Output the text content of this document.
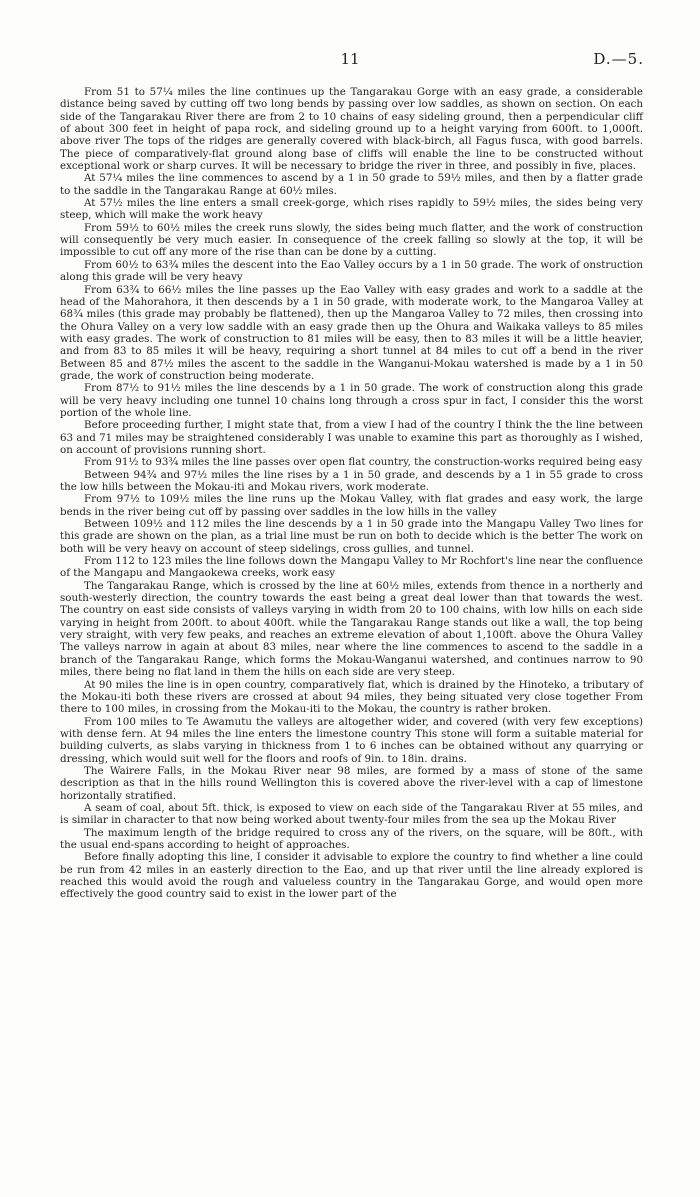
11	D.—5.

From 51 to 57¼ miles the line continues up the Tangarakau Gorge with an easy grade, a considerable distance being saved by cutting off two long bends by passing over low saddles, as shown on section. On each side of the Tangarakau River there are from 2 to 10 chains of easy sideling ground, then a perpendicular cliff of about 300 feet in height of papa rock, and sideling ground up to a height varying from 600ft. to 1,000ft. above river The tops of the ridges are generally covered with black-birch, all Fagus fusca, with good barrels. The piece of comparatively-flat ground along base of cliffs will enable the line to be constructed without exceptional work or sharp curves. It will be necessary to bridge the river in three, and possibly in five, places.

At 57¼ miles the line commences to ascend by a 1 in 50 grade to 59½ miles, and then by a flatter grade to the saddle in the Tangarakau Range at 60½ miles.

At 57½ miles the line enters a small creek-gorge, which rises rapidly to 59½ miles, the sides being very steep, which will make the work heavy

From 59½ to 60½ miles the creek runs slowly, the sides being much flatter, and the work of construction will consequently be very much easier. In consequence of the creek falling so slowly at the top, it will be impossible to cut off any more of the rise than can be done by a cutting.

From 60½ to 63¾ miles the descent into the Eao Valley occurs by a 1 in 50 grade. The work of onstruction along this grade will be very heavy

From 63¾ to 66½ miles the line passes up the Eao Valley with easy grades and work to a saddle at the head of the Mahorahora, it then descends by a 1 in 50 grade, with moderate work, to the Mangaroa Valley at 68¾ miles (this grade may probably be flattened), then up the Mangaroa Valley to 72 miles, then crossing into the Ohura Valley on a very low saddle with an easy grade then up the Ohura and Waikaka valleys to 85 miles with easy grades. The work of construction to 81 miles will be easy, then to 83 miles it will be a little heavier, and from 83 to 85 miles it will be heavy, requiring a short tunnel at 84 miles to cut off a bend in the river Between 85 and 87½ miles the ascent to the saddle in the Wanganui-Mokau watershed is made by a 1 in 50 grade, the work of construction being moderate.

From 87½ to 91½ miles the line descends by a 1 in 50 grade. The work of construction along this grade will be very heavy including one tunnel 10 chains long through a cross spur in fact, I consider this the worst portion of the whole line.

Before proceeding further, I might state that, from a view I had of the country I think the the line between 63 and 71 miles may be straightened considerably I was unable to examine this part as thoroughly as I wished, on account of provisions running short.

From 91½ to 93¾ miles the line passes over open flat country, the construction-works required being easy

Between 94¾ and 97½ miles the line rises by a 1 in 50 grade, and descends by a 1 in 55 grade to cross the low hills between the Mokau-iti and Mokau rivers, work moderate.

From 97½ to 109½ miles the line runs up the Mokau Valley, with flat grades and easy work, the large bends in the river being cut off by passing over saddles in the low hills in the valley

Between 109½ and 112 miles the line descends by a 1 in 50 grade into the Mangapu Valley Two lines for this grade are shown on the plan, as a trial line must be run on both to decide which is the better The work on both will be very heavy on account of steep sidelings, cross gullies, and tunnel.

From 112 to 123 miles the line follows down the Mangapu Valley to Mr Rochfort's line near the confluence of the Mangapu and Mangaokewa creeks, work easy

The Tangarakau Range, which is crossed by the line at 60½ miles, extends from thence in a northerly and south-westerly direction, the country towards the east being a great deal lower than that towards the west. The country on east side consists of valleys varying in width from 20 to 100 chains, with low hills on each side varying in height from 200ft. to about 400ft. while the Tangarakau Range stands out like a wall, the top being very straight, with very few peaks, and reaches an extreme elevation of about 1,100ft. above the Ohura Valley The valleys narrow in again at about 83 miles, near where the line commences to ascend to the saddle in a branch of the Tangarakau Range, which forms the Mokau-Wanganui watershed, and continues narrow to 90 miles, there being no flat land in them the hills on each side are very steep.

At 90 miles the line is in open country, comparatively flat, which is drained by the Hinoteko, a tributary of the Mokau-iti both these rivers are crossed at about 94 miles, they being situated very close together From there to 100 miles, in crossing from the Mokau-iti to the Mokau, the country is rather broken.

From 100 miles to Te Awamutu the valleys are altogether wider, and covered (with very few exceptions) with dense fern. At 94 miles the line enters the limestone country This stone will form a suitable material for building culverts, as slabs varying in thickness from 1 to 6 inches can be obtained without any quarrying or dressing, which would suit well for the floors and roofs of 9in. to 18in. drains.

The Wairere Falls, in the Mokau River near 98 miles, are formed by a mass of stone of the same description as that in the hills round Wellington this is covered above the river-level with a cap of limestone horizontally stratified.

A seam of coal, about 5ft. thick, is exposed to view on each side of the Tangarakau River at 55 miles, and is similar in character to that now being worked about twenty-four miles from the sea up the Mokau River

The maximum length of the bridge required to cross any of the rivers, on the square, will be 80ft., with the usual end-spans according to height of approaches.

Before finally adopting this line, I consider it advisable to explore the country to find whether a line could be run from 42 miles in an easterly direction to the Eao, and up that river until the line already explored is reached this would avoid the rough and valueless country in the Tangarakau Gorge, and would open more effectively the good country said to exist in the lower part of the
